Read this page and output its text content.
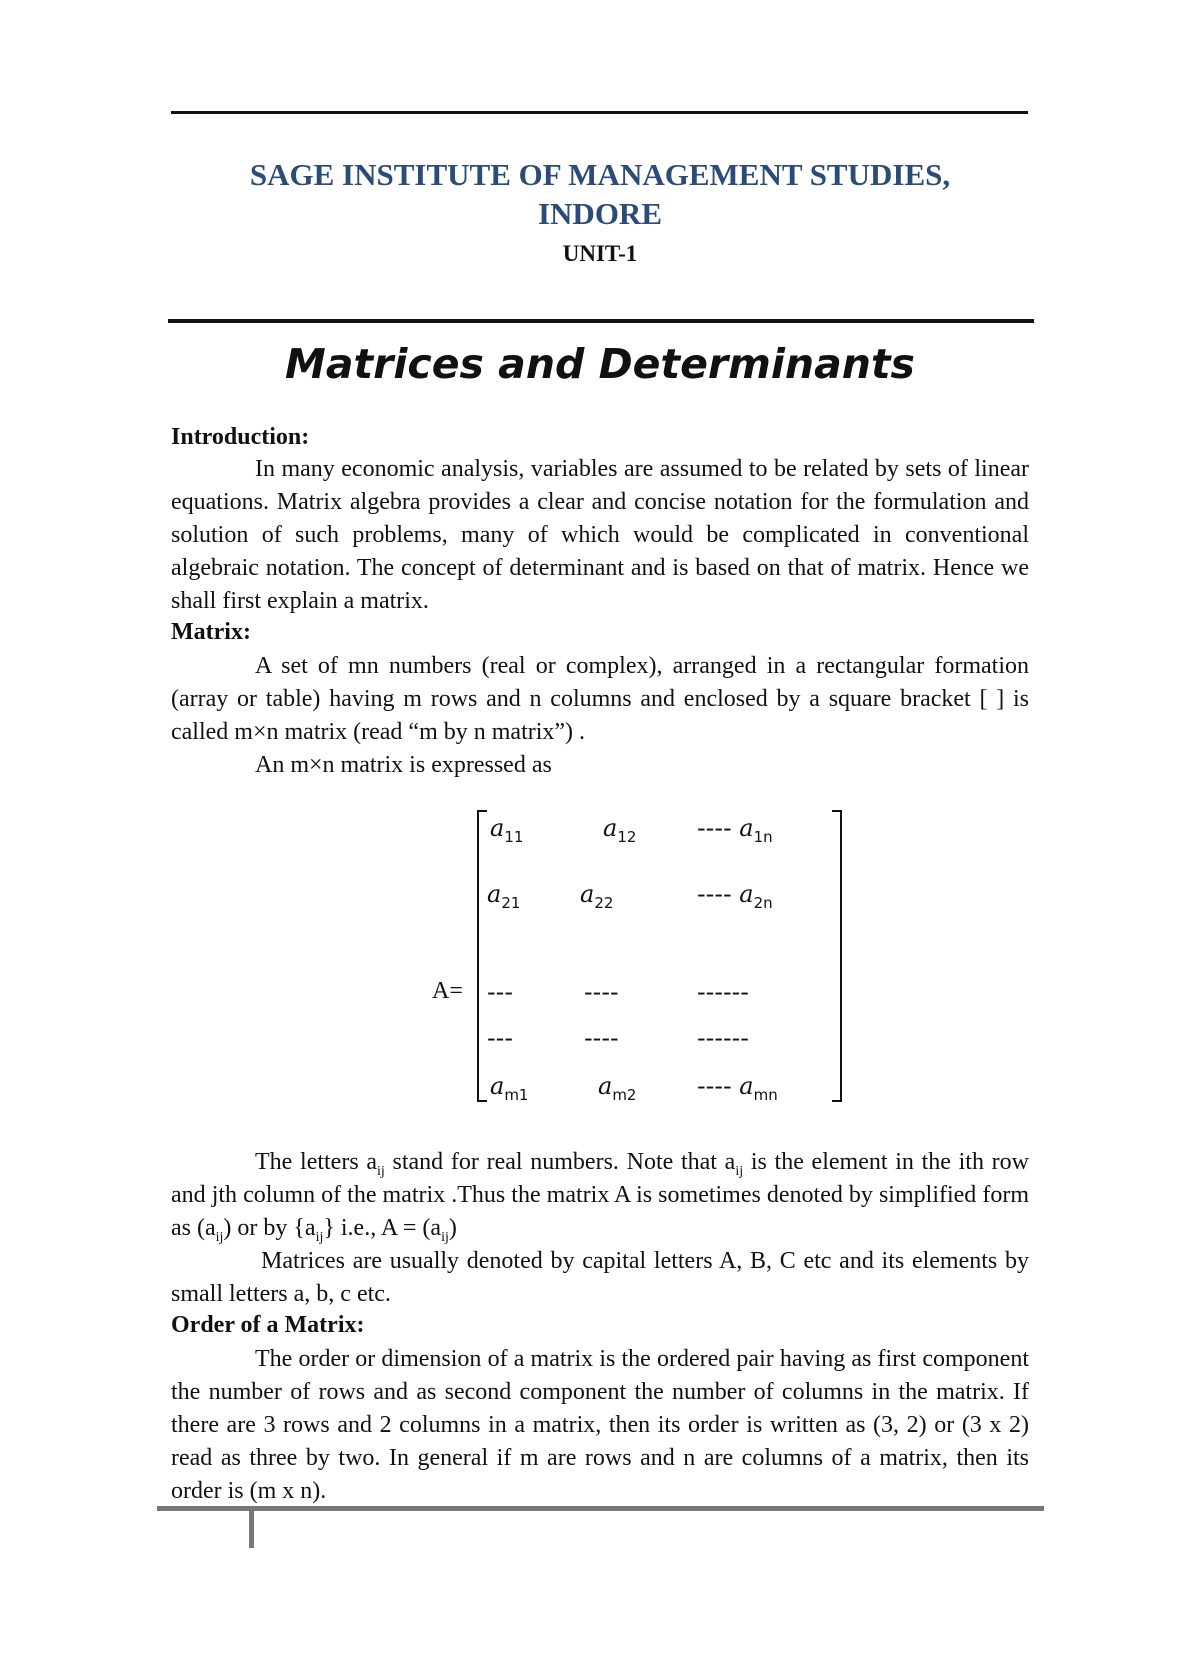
SAGE INSTITUTE OF MANAGEMENT STUDIES,
INDORE
UNIT-1
Matrices and Determinants
Introduction:
In many economic analysis, variables are assumed to be related by sets of linear equations. Matrix algebra provides a clear and concise notation for the formulation and solution of such problems, many of which would be complicated in conventional algebraic notation. The concept of determinant and is based on that of matrix. Hence we shall first explain a matrix.
Matrix:
A set of mn numbers (real or complex), arranged in a rectangular formation (array or table) having m rows and n columns and enclosed by a square bracket [ ] is called m×n matrix (read “m by n matrix”) .
An m×n matrix is expressed as
A=
$a_{11}$	$a_{12}$	---- $a_{1n}$
$a_{21}$ $a_{22}$	---- $a_{2n}$
---	----	------
---	----	------
$a_{m1}$	$a_{m2}$	---- $a_{mn}$
The letters $a_{ij}$ stand for real numbers. Note that $a_{ij}$ is the element in the ith row and jth column of the matrix .Thus the matrix A is sometimes denoted by simplified form as $(a_{ij})$ or by $\{a_{ij}\}$ i.e., $A = (a_{ij})$
Matrices are usually denoted by capital letters A, B, C etc and its elements by small letters a, b, c etc.
Order of a Matrix:
The order or dimension of a matrix is the ordered pair having as first component the number of rows and as second component the number of columns in the matrix. If there are 3 rows and 2 columns in a matrix, then its order is written as (3, 2) or (3 x 2) read as three by two. In general if m are rows and n are columns of a matrix, then its order is (m x n).
